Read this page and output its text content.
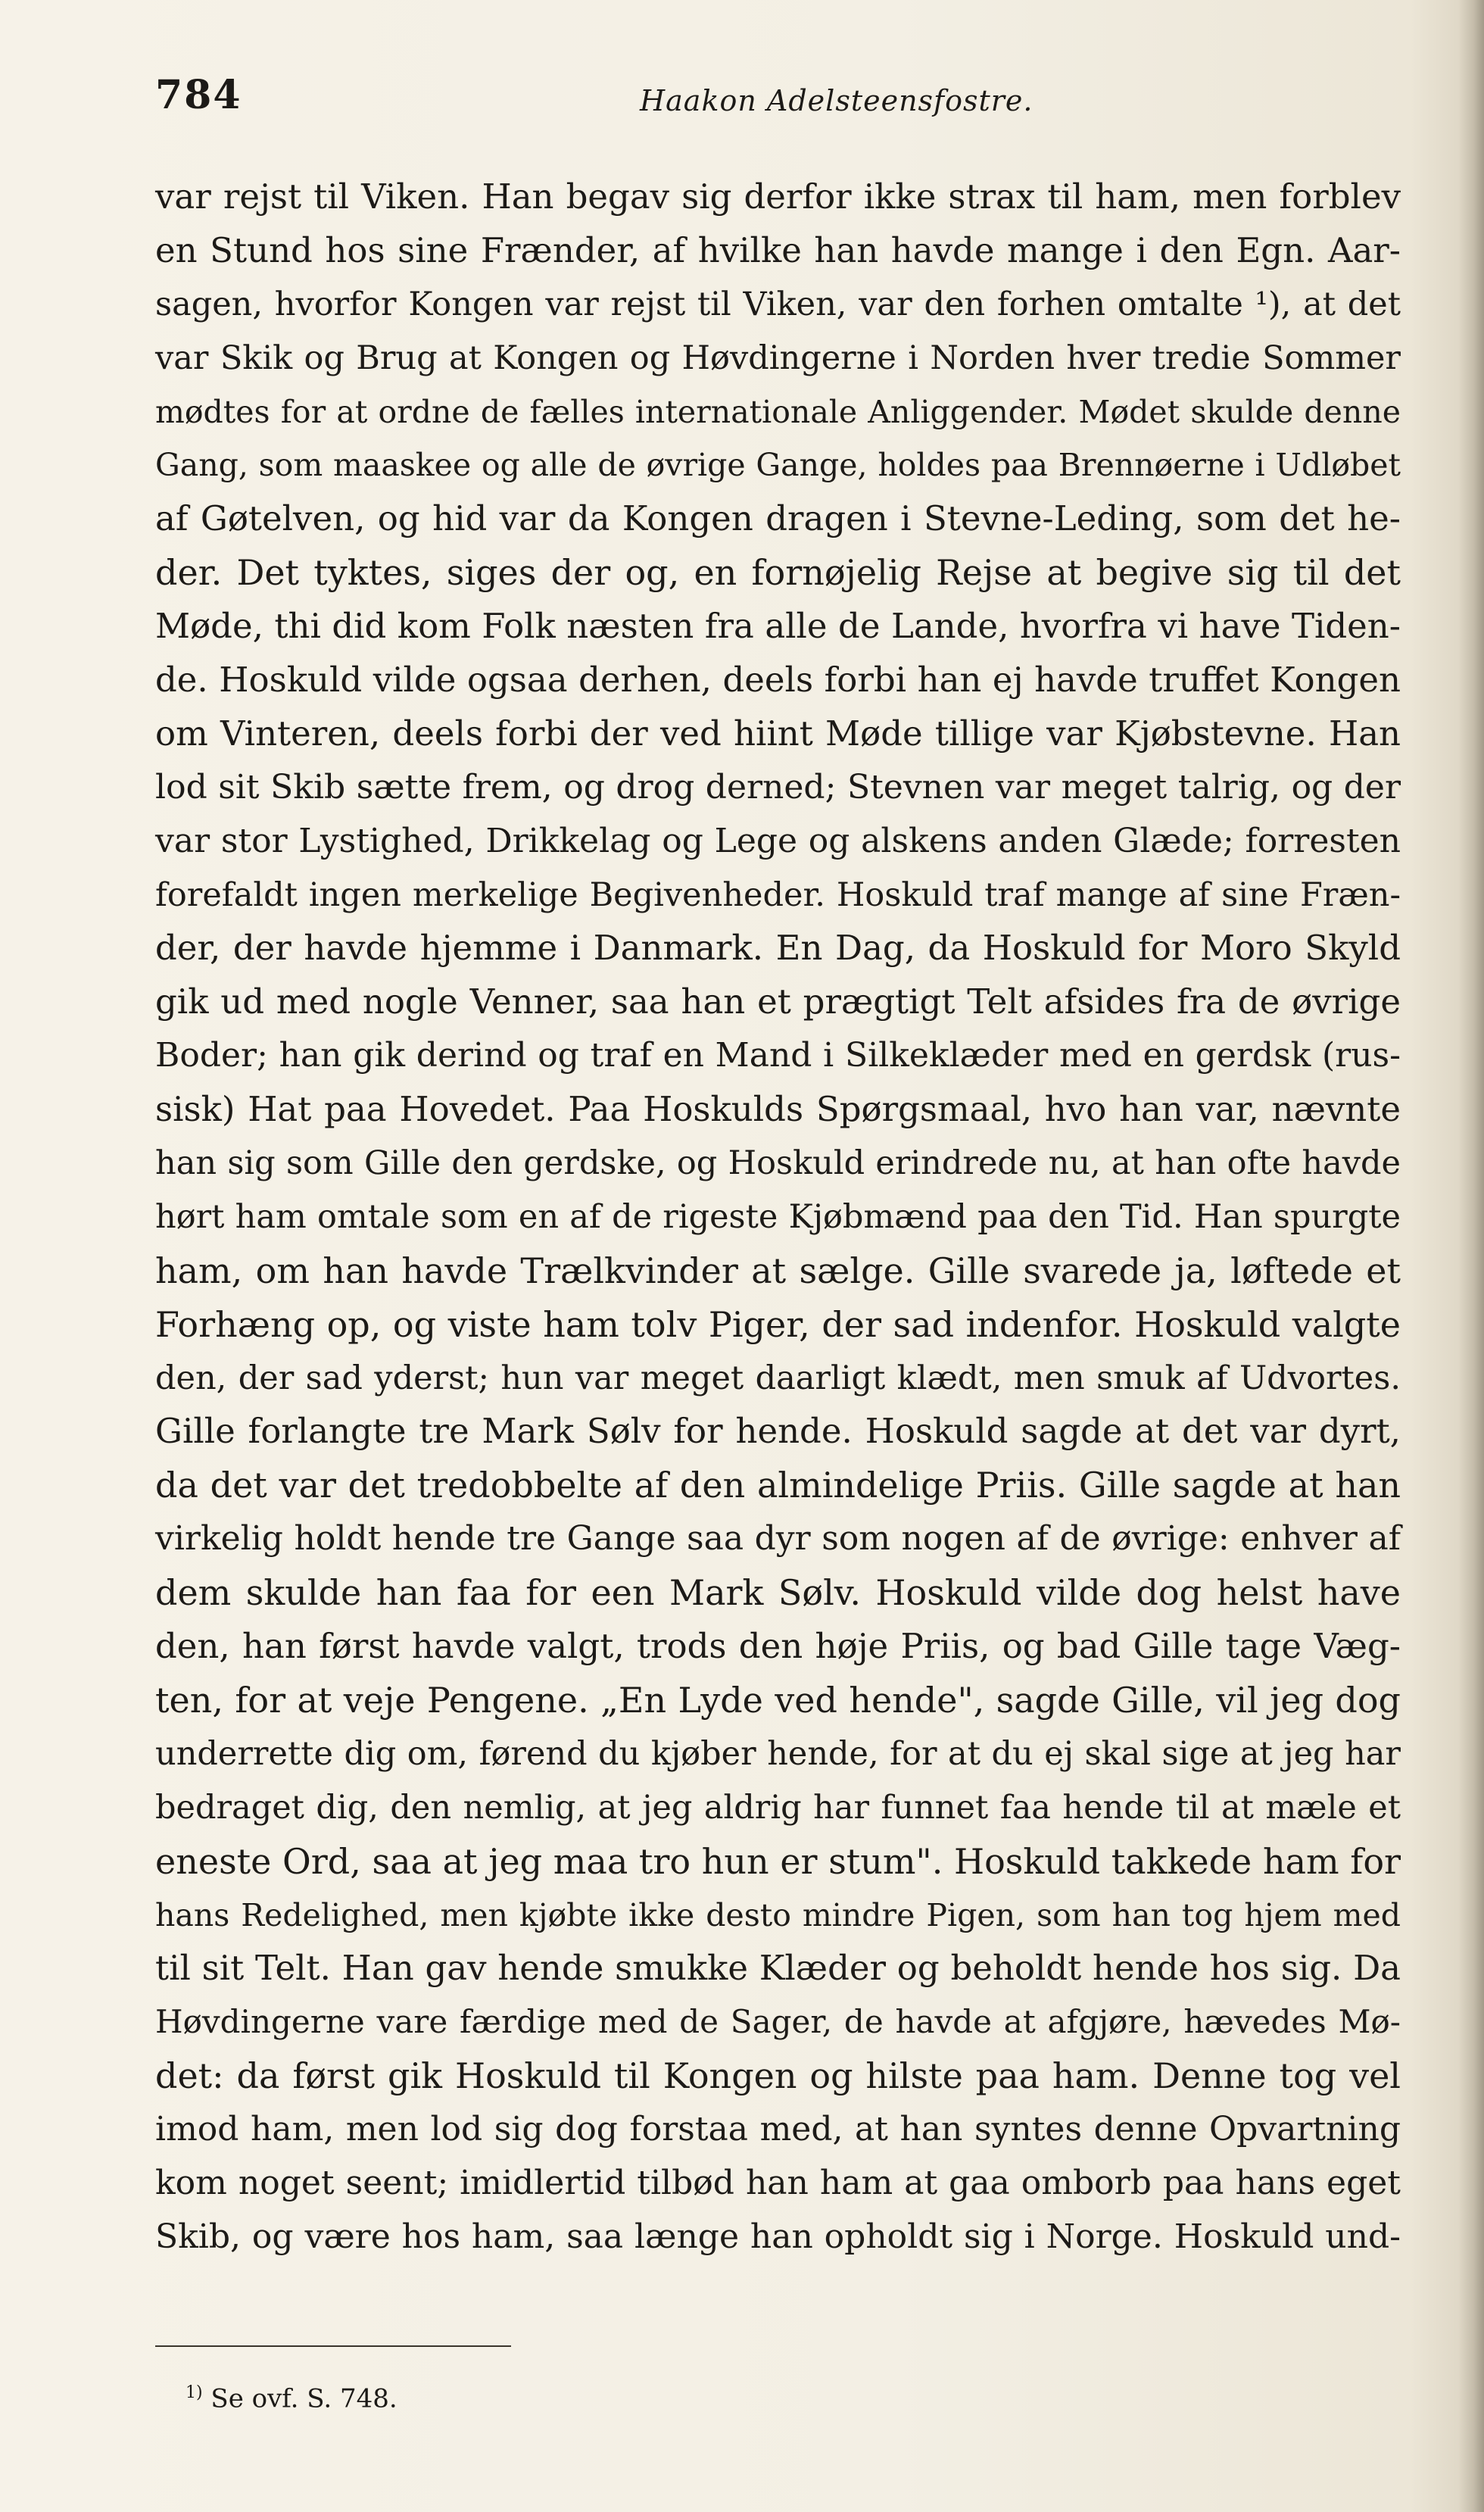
784	Haakon Adelsteensfostre.
var rejst til Viken. Han begav sig derfor ikke strax til ham, men forblev
en Stund hos sine Frænder, af hvilke han havde mange i den Egn. Aar-
sagen, hvorfor Kongen var rejst til Viken, var den forhen omtalte ¹), at det
var Skik og Brug at Kongen og Høvdingerne i Norden hver tredie Sommer
mødtes for at ordne de fælles internationale Anliggender. Mødet skulde denne
Gang, som maaskee og alle de øvrige Gange, holdes paa Brennøerne i Udløbet
af Gøtelven, og hid var da Kongen dragen i Stevne-Leding, som det he-
der. Det tyktes, siges der og, en fornøjelig Rejse at begive sig til det
Møde, thi did kom Folk næsten fra alle de Lande, hvorfra vi have Tiden-
de. Hoskuld vilde ogsaa derhen, deels forbi han ej havde truffet Kongen
om Vinteren, deels forbi der ved hiint Møde tillige var Kjøbstevne. Han
lod sit Skib sætte frem, og drog derned; Stevnen var meget talrig, og der
var stor Lystighed, Drikkelag og Lege og alskens anden Glæde; forresten
forefaldt ingen merkelige Begivenheder. Hoskuld traf mange af sine Fræn-
der, der havde hjemme i Danmark. En Dag, da Hoskuld for Moro Skyld
gik ud med nogle Venner, saa han et prægtigt Telt afsides fra de øvrige
Boder; han gik derind og traf en Mand i Silkeklæder med en gerdsk (rus-
sisk) Hat paa Hovedet. Paa Hoskulds Spørgsmaal, hvo han var, nævnte
han sig som Gille den gerdske, og Hoskuld erindrede nu, at han ofte havde
hørt ham omtale som en af de rigeste Kjøbmænd paa den Tid. Han spurgte
ham, om han havde Trælkvinder at sælge. Gille svarede ja, løftede et
Forhæng op, og viste ham tolv Piger, der sad indenfor. Hoskuld valgte
den, der sad yderst; hun var meget daarligt klædt, men smuk af Udvortes.
Gille forlangte tre Mark Sølv for hende. Hoskuld sagde at det var dyrt,
da det var det tredobbelte af den almindelige Priis. Gille sagde at han
virkelig holdt hende tre Gange saa dyr som nogen af de øvrige: enhver af
dem skulde han faa for een Mark Sølv. Hoskuld vilde dog helst have
den, han først havde valgt, trods den høje Priis, og bad Gille tage Væg-
ten, for at veje Pengene. „En Lyde ved hende", sagde Gille, vil jeg dog
underrette dig om, førend du kjøber hende, for at du ej skal sige at jeg har
bedraget dig, den nemlig, at jeg aldrig har funnet faa hende til at mæle et
eneste Ord, saa at jeg maa tro hun er stum". Hoskuld takkede ham for
hans Redelighed, men kjøbte ikke desto mindre Pigen, som han tog hjem med
til sit Telt. Han gav hende smukke Klæder og beholdt hende hos sig. Da
Høvdingerne vare færdige med de Sager, de havde at afgjøre, hævedes Mø-
det: da først gik Hoskuld til Kongen og hilste paa ham. Denne tog vel
imod ham, men lod sig dog forstaa med, at han syntes denne Opvartning
kom noget seent; imidlertid tilbød han ham at gaa omborb paa hans eget
Skib, og være hos ham, saa længe han opholdt sig i Norge. Hoskuld und-
$^{1)}$ Se ovf. S. 748.
